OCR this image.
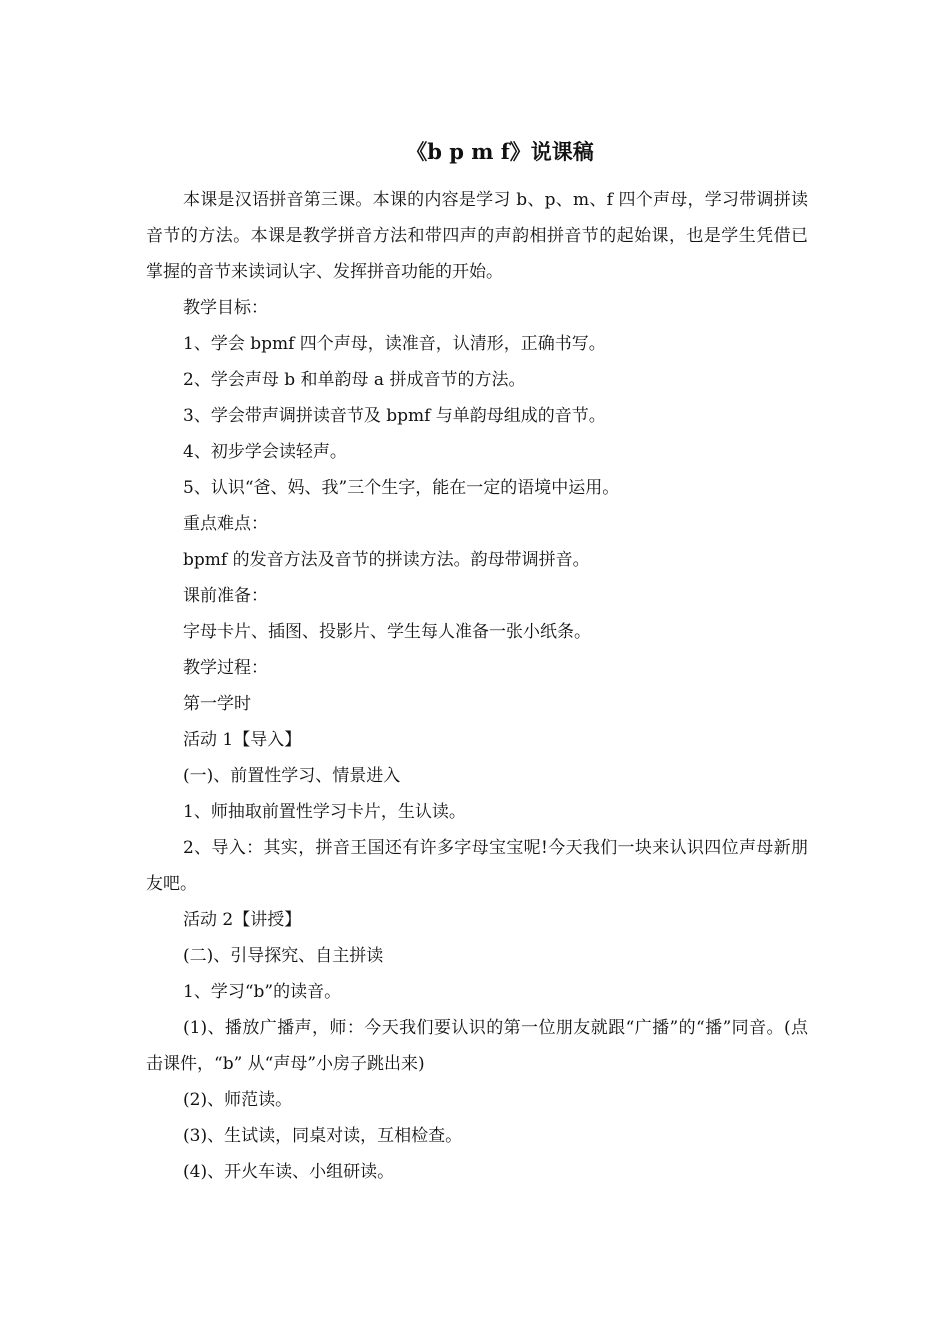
《b p m f》说课稿

本课是汉语拼音第三课。本课的内容是学习 b、p、m、f 四个声母，学习带调拼读音节的方法。本课是教学拼音方法和带四声的声韵相拼音节的起始课，也是学生凭借已掌握的音节来读词认字、发挥拼音功能的开始。

教学目标：

1、学会 bpmf 四个声母，读准音，认清形，正确书写。

2、学会声母 b 和单韵母 a 拼成音节的方法。

3、学会带声调拼读音节及 bpmf 与单韵母组成的音节。

4、初步学会读轻声。

5、认识“爸、妈、我”三个生字，能在一定的语境中运用。

重点难点：

bpmf 的发音方法及音节的拼读方法。韵母带调拼音。

课前准备：

字母卡片、插图、投影片、学生每人准备一张小纸条。

教学过程：

第一学时

活动 1【导入】

(一)、前置性学习、情景进入

1、师抽取前置性学习卡片，生认读。

2、导入：其实，拼音王国还有许多字母宝宝呢!今天我们一块来认识四位声母新朋友吧。

活动 2【讲授】

(二)、引导探究、自主拼读

1、学习“b”的读音。

(1)、播放广播声，师：今天我们要认识的第一位朋友就跟“广播”的“播”同音。(点击课件，“b” 从“声母”小房子跳出来)

(2)、师范读。

(3)、生试读，同桌对读，互相检查。

(4)、开火车读、小组研读。
